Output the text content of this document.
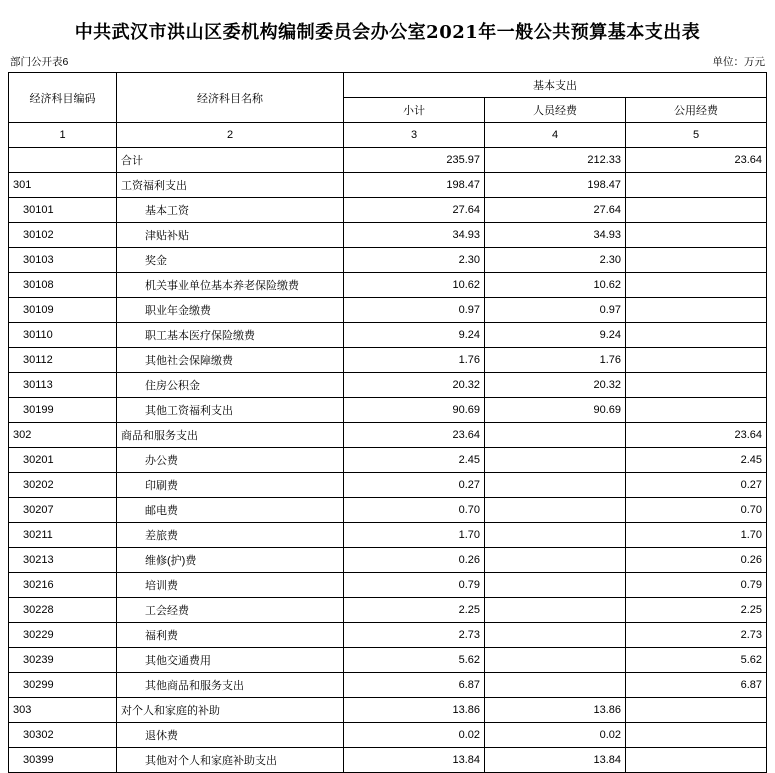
中共武汉市洪山区委机构编制委员会办公室2021年一般公共预算基本支出表
部门公开表6	单位：万元
经济科目编码	经济科目名称	基本支出		
		小计	人员经费	公用经费
1	2	3	4	5
	合计	235.97	212.33	23.64
301	工资福利支出	198.47	198.47	
30101	基本工资	27.64	27.64	
30102	津贴补贴	34.93	34.93	
30103	奖金	2.30	2.30	
30108	机关事业单位基本养老保险缴费	10.62	10.62	
30109	职业年金缴费	0.97	0.97	
30110	职工基本医疗保险缴费	9.24	9.24	
30112	其他社会保障缴费	1.76	1.76	
30113	住房公积金	20.32	20.32	
30199	其他工资福利支出	90.69	90.69	
302	商品和服务支出	23.64		23.64
30201	办公费	2.45		2.45
30202	印刷费	0.27		0.27
30207	邮电费	0.70		0.70
30211	差旅费	1.70		1.70
30213	维修(护)费	0.26		0.26
30216	培训费	0.79		0.79
30228	工会经费	2.25		2.25
30229	福利费	2.73		2.73
30239	其他交通费用	5.62		5.62
30299	其他商品和服务支出	6.87		6.87
303	对个人和家庭的补助	13.86	13.86	
30302	退休费	0.02	0.02	
30399	其他对个人和家庭补助支出	13.84	13.84	
